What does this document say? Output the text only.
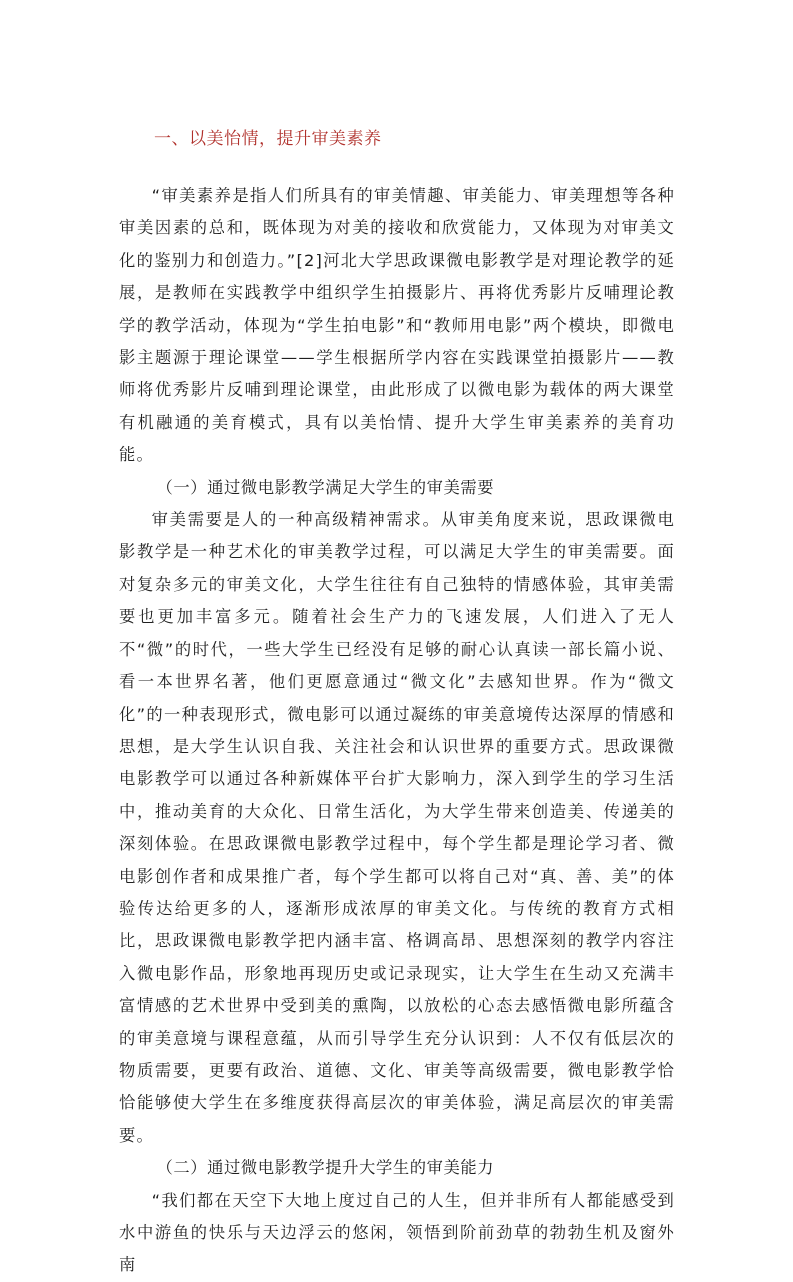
一、以美怡情，提升审美素养

“审美素养是指人们所具有的审美情趣、审美能力、审美理想等各种审美因素的总和，既体现为对美的接收和欣赏能力，又体现为对审美文化的鉴别力和创造力。”[2]河北大学思政课微电影教学是对理论教学的延展，是教师在实践教学中组织学生拍摄影片、再将优秀影片反哺理论教学的教学活动，体现为“学生拍电影”和“教师用电影”两个模块，即微电影主题源于理论课堂——学生根据所学内容在实践课堂拍摄影片——教师将优秀影片反哺到理论课堂，由此形成了以微电影为载体的两大课堂有机融通的美育模式，具有以美怡情、提升大学生审美素养的美育功能。

（一）通过微电影教学满足大学生的审美需要

审美需要是人的一种高级精神需求。从审美角度来说，思政课微电影教学是一种艺术化的审美教学过程，可以满足大学生的审美需要。面对复杂多元的审美文化，大学生往往有自己独特的情感体验，其审美需要也更加丰富多元。随着社会生产力的飞速发展，人们进入了无人不“微”的时代，一些大学生已经没有足够的耐心认真读一部长篇小说、看一本世界名著，他们更愿意通过“微文化”去感知世界。作为“微文化”的一种表现形式，微电影可以通过凝练的审美意境传达深厚的情感和思想，是大学生认识自我、关注社会和认识世界的重要方式。思政课微电影教学可以通过各种新媒体平台扩大影响力，深入到学生的学习生活中，推动美育的大众化、日常生活化，为大学生带来创造美、传递美的深刻体验。在思政课微电影教学过程中，每个学生都是理论学习者、微电影创作者和成果推广者，每个学生都可以将自己对“真、善、美”的体验传达给更多的人，逐渐形成浓厚的审美文化。与传统的教育方式相比，思政课微电影教学把内涵丰富、格调高昂、思想深刻的教学内容注入微电影作品，形象地再现历史或记录现实，让大学生在生动又充满丰富情感的艺术世界中受到美的熏陶，以放松的心态去感悟微电影所蕴含的审美意境与课程意蕴，从而引导学生充分认识到：人不仅有低层次的物质需要，更要有政治、道德、文化、审美等高级需要，微电影教学恰恰能够使大学生在多维度获得高层次的审美体验，满足高层次的审美需要。

（二）通过微电影教学提升大学生的审美能力

“我们都在天空下大地上度过自己的人生，但并非所有人都能感受到水中游鱼的快乐与天边浮云的悠闲，领悟到阶前劲草的勃勃生机及窗外南
